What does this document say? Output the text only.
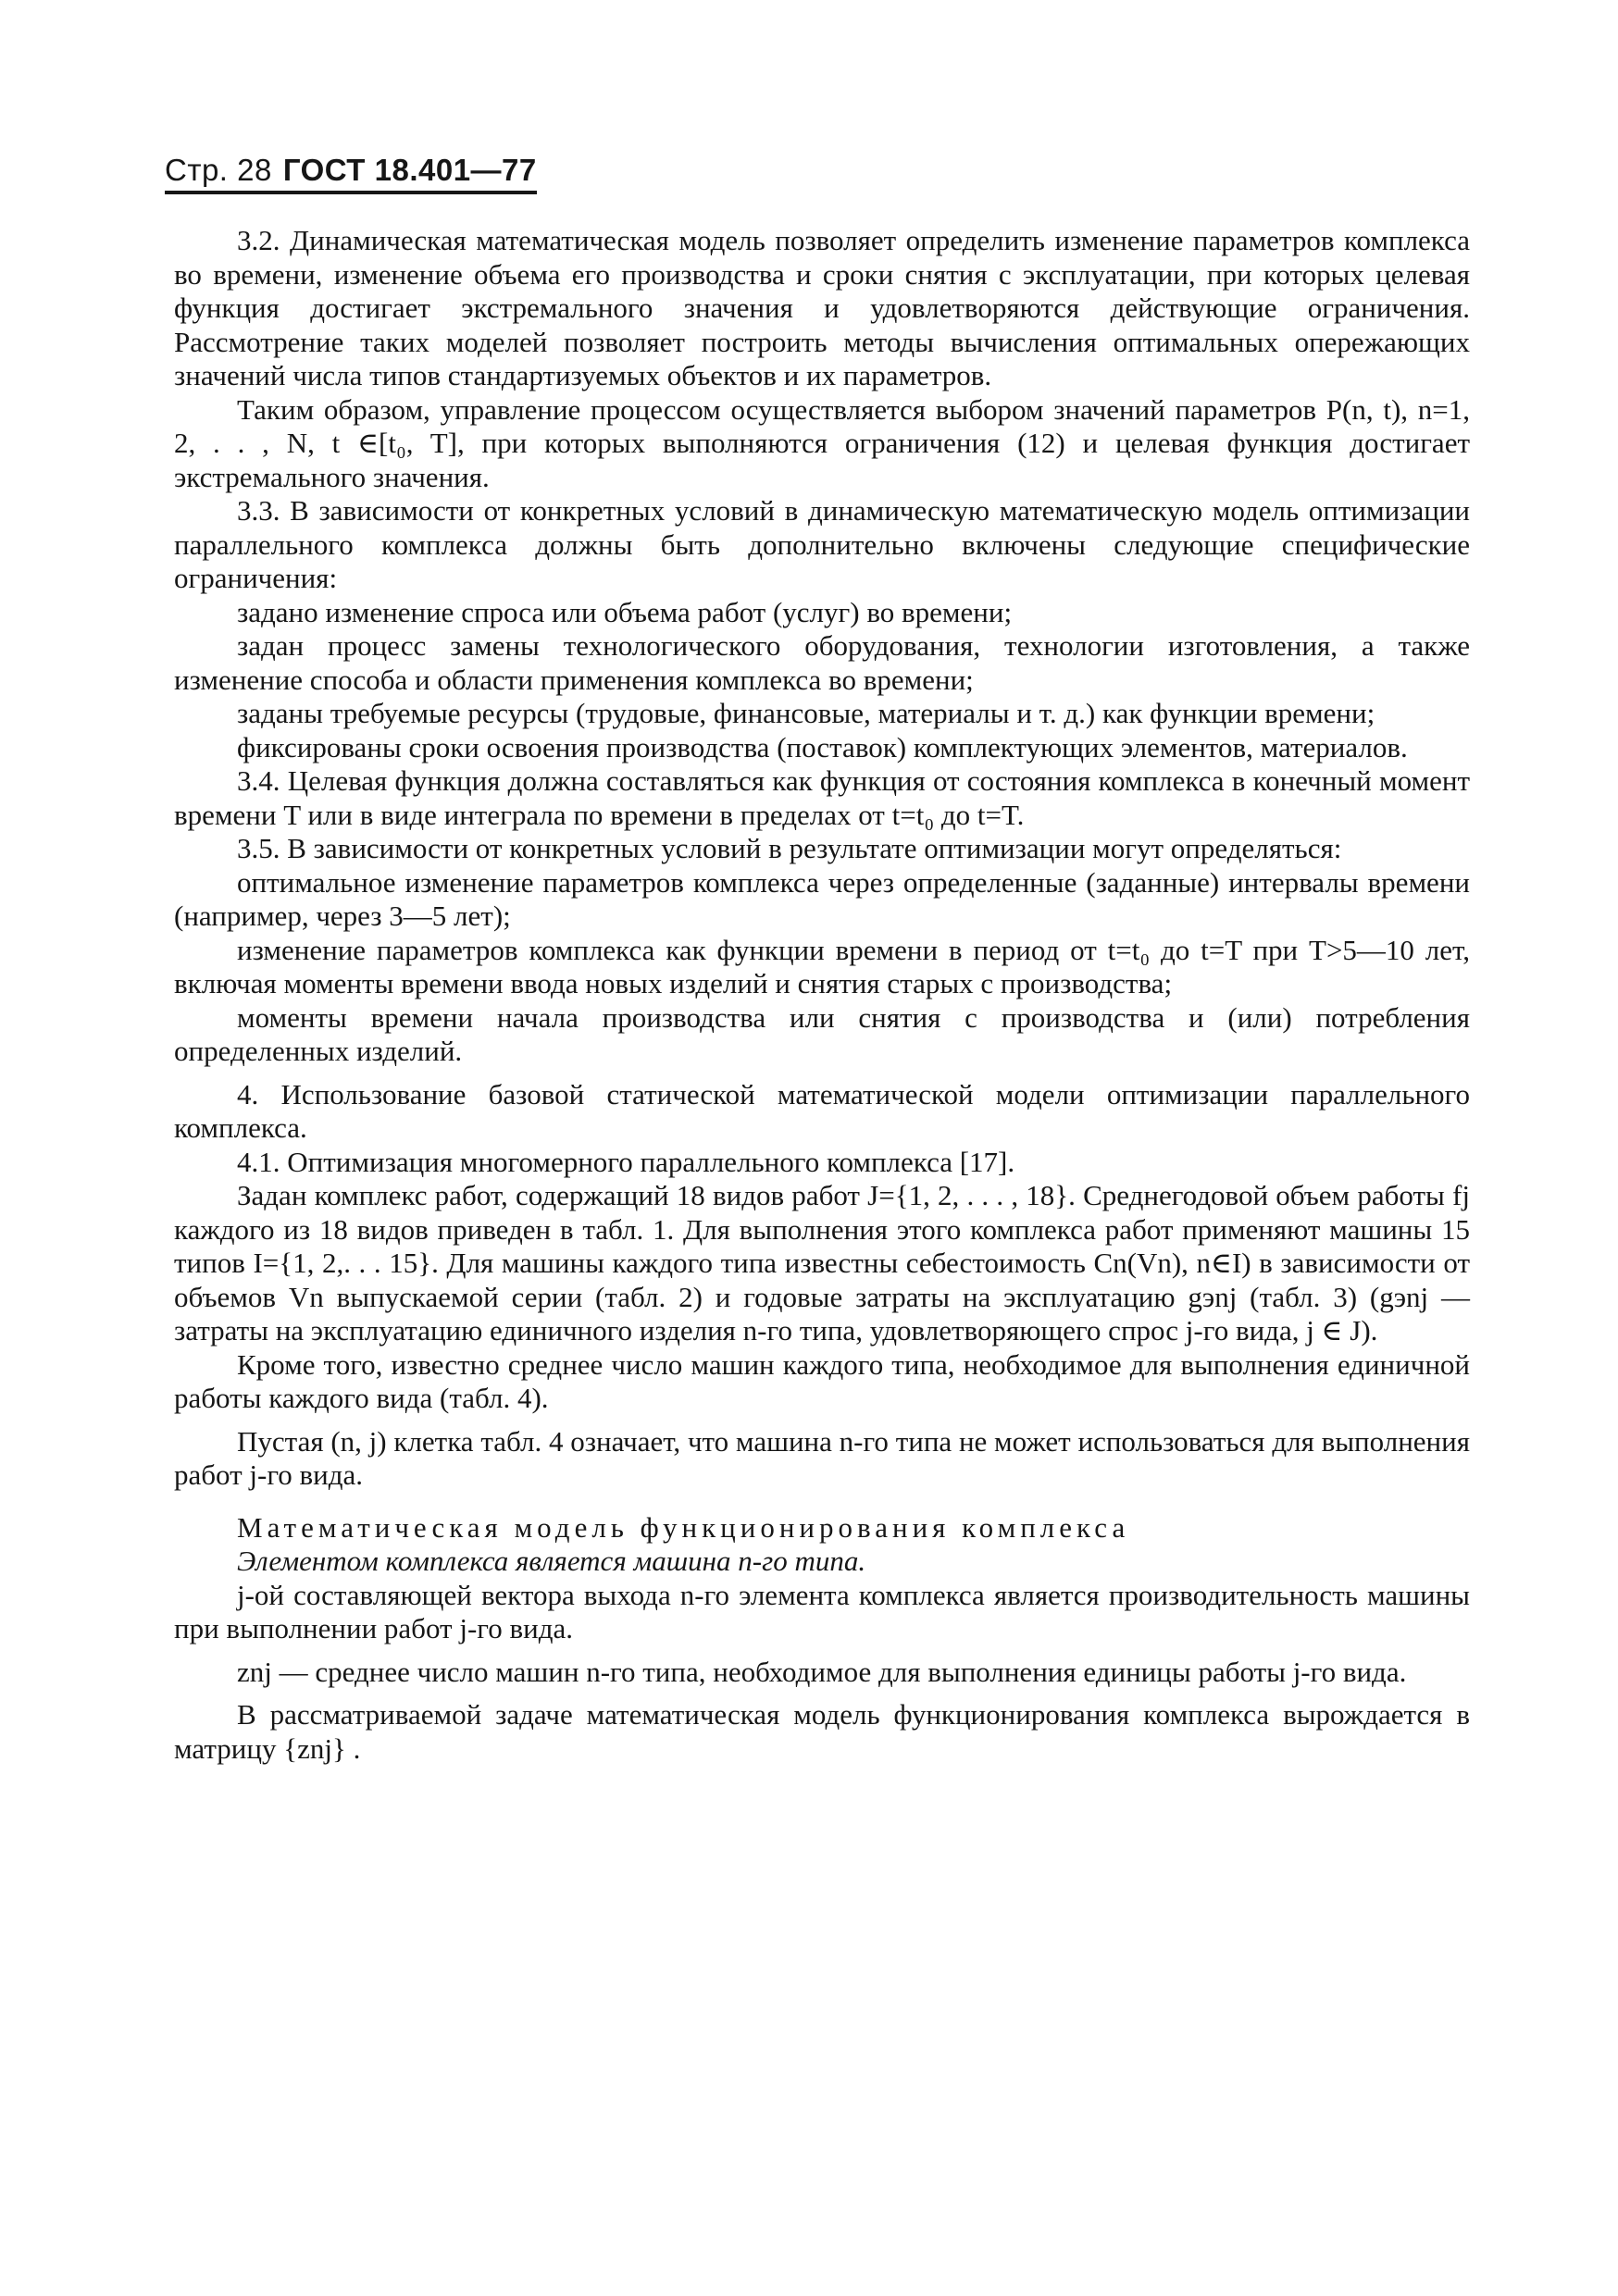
Стр. 28 ГОСТ 18.401—77

3.2. Динамическая математическая модель позволяет определить изменение параметров комплекса во времени, изменение объема его производства и сроки снятия с эксплуатации, при которых целевая функция достигает экстремального значения и удовлетворяются действующие ограничения. Рассмотрение таких моделей позволяет построить методы вычисления оптимальных опережающих значений числа типов стандартизуемых объектов и их параметров.

Таким образом, управление процессом осуществляется выбором значений параметров P(n, t), n=1, 2, . . , N, t ∈[t₀, T], при которых выполняются ограничения (12) и целевая функция достигает экстремального значения.

3.3. В зависимости от конкретных условий в динамическую математическую модель оптимизации параллельного комплекса должны быть дополнительно включены следующие специфические ограничения:

задано изменение спроса или объема работ (услуг) во времени;

задан процесс замены технологического оборудования, технологии изготовления, а также изменение способа и области применения комплекса во времени;

заданы требуемые ресурсы (трудовые, финансовые, материалы и т. д.) как функции времени;

фиксированы сроки освоения производства (поставок) комплектующих элементов, материалов.

3.4. Целевая функция должна составляться как функция от состояния комплекса в конечный момент времени T или в виде интеграла по времени в пределах от t=t₀ до t=T.

3.5. В зависимости от конкретных условий в результате оптимизации могут определяться:

оптимальное изменение параметров комплекса через определенные (заданные) интервалы времени (например, через 3—5 лет);

изменение параметров комплекса как функции времени в период от t=t₀ до t=T при T>5—10 лет, включая моменты времени ввода новых изделий и снятия старых с производства;

моменты времени начала производства или снятия с производства и (или) потребления определенных изделий.

4. Использование базовой статической математической модели оптимизации параллельного комплекса.

4.1. Оптимизация многомерного параллельного комплекса [17].

Задан комплекс работ, содержащий 18 видов работ J={1, 2, . . . , 18}. Среднегодовой объем работы fj каждого из 18 видов приведен в табл. 1. Для выполнения этого комплекса работ применяют машины 15 типов I={1, 2,. . . 15}. Для машины каждого типа известны себестоимость Cn(Vn), n∈I) в зависимости от объемов Vn выпускаемой серии (табл. 2) и годовые затраты на эксплуатацию gэnj (табл. 3) (gэnj — затраты на эксплуатацию единичного изделия n-го типа, удовлетворяющего спрос j-го вида, j ∈ J).

Кроме того, известно среднее число машин каждого типа, необходимое для выполнения единичной работы каждого вида (табл. 4).

Пустая (n, j) клетка табл. 4 означает, что машина n-го типа не может использоваться для выполнения работ j-го вида.

Математическая модель функционирования комплекса

Элементом комплекса является машина n-го типа.

j-ой составляющей вектора выхода n-го элемента комплекса является производительность машины при выполнении работ j-го вида.

znj — среднее число машин n-го типа, необходимое для выполнения единицы работы j-го вида.

В рассматриваемой задаче математическая модель функционирования комплекса вырождается в матрицу {znj} .
